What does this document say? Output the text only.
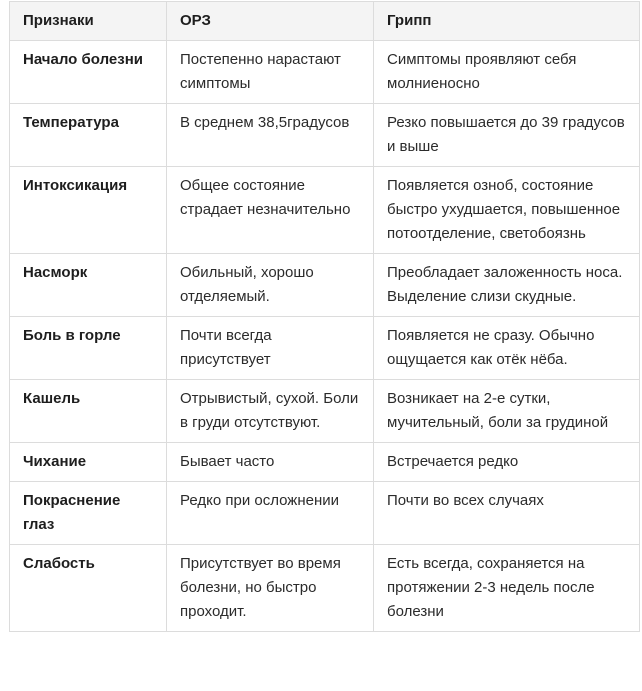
Признаки	ОРЗ	Грипп
Начало болезни	Постепенно нарастают симптомы	Симптомы проявляют себя молниеносно
Температура	В среднем 38,5градусов	Резко повышается до 39 градусов и выше
Интоксикация	Общее состояние страдает незначительно	Появляется озноб, состояние быстро ухудшается, повышенное потоотделение, светобоязнь
Насморк	Обильный, хорошо отделяемый.	Преобладает заложенность носа. Выделение слизи скудные.
Боль в горле	Почти всегда присутствует	Появляется не сразу. Обычно ощущается как отёк нёба.
Кашель	Отрывистый, сухой. Боли в груди отсутствуют.	Возникает на 2-е сутки, мучительный, боли за грудиной
Чихание	Бывает часто	Встречается редко
Покраснение глаз	Редко при осложнении	Почти во всех случаях
Слабость	Присутствует во время болезни, но быстро проходит.	Есть всегда, сохраняется на протяжении 2-3 недель после болезни
